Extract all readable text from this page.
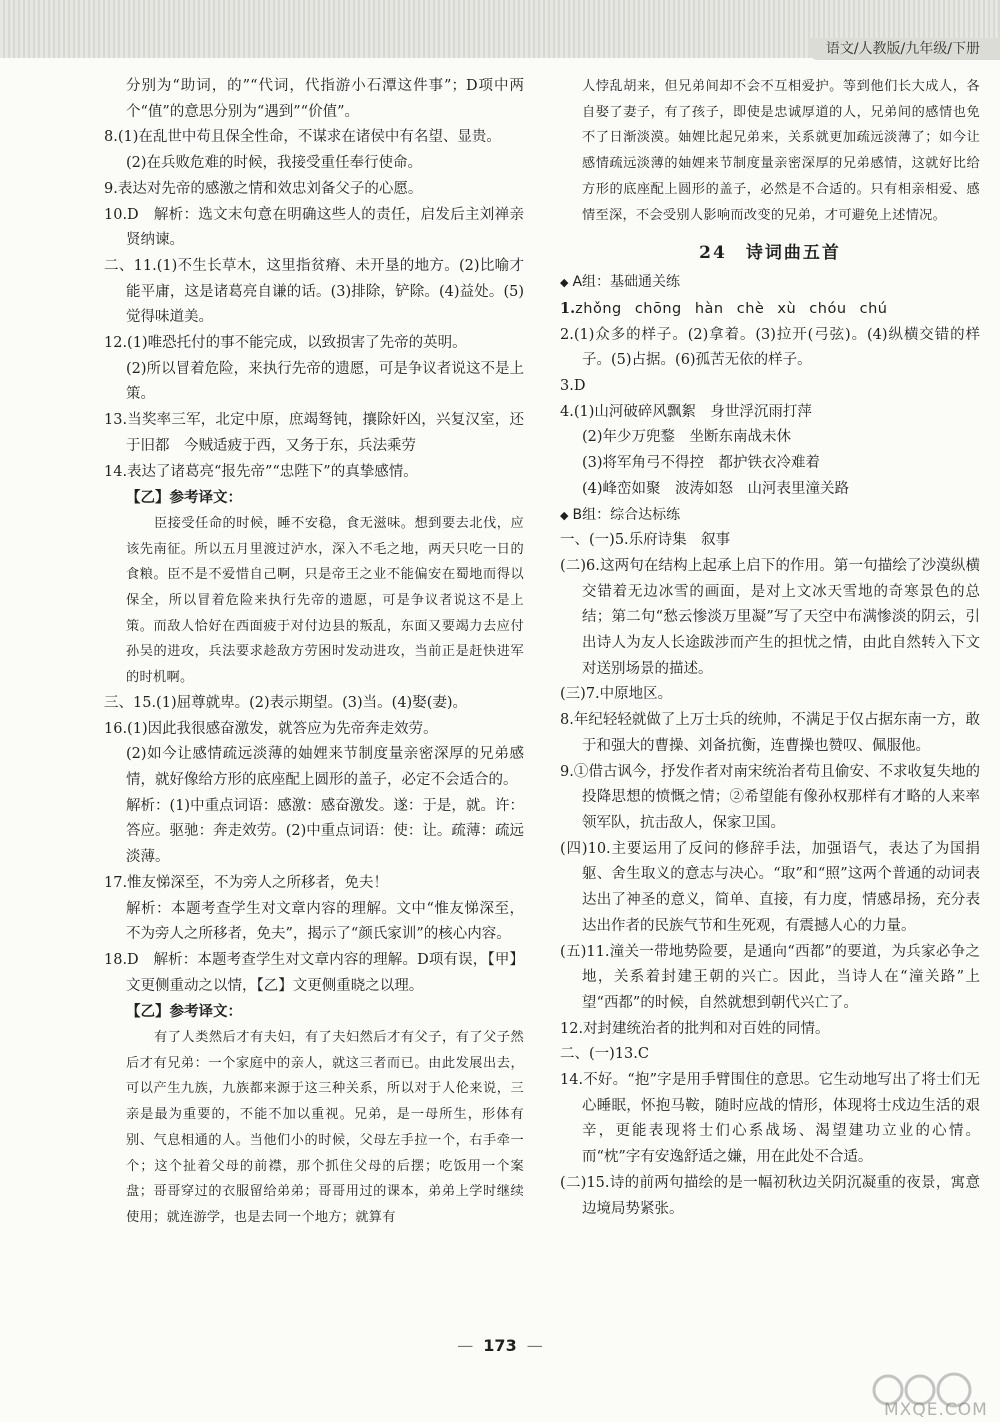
语文/人教版/九年级/下册

分别为“助词，的”“代词，代指游小石潭这件事”；D项中两个“值”的意思分别为“遇到”“价值”。

8.(1)在乱世中苟且保全性命，不谋求在诸侯中有名望、显贵。

(2)在兵败危难的时候，我接受重任奉行使命。

9.表达对先帝的感激之情和效忠刘备父子的心愿。

10.D　解析：选文末句意在明确这些人的责任，启发后主刘禅亲贤纳谏。

二、11.(1)不生长草木，这里指贫瘠、未开垦的地方。(2)比喻才能平庸，这是诸葛亮自谦的话。(3)排除，铲除。(4)益处。(5)觉得味道美。

12.(1)唯恐托付的事不能完成，以致损害了先帝的英明。

(2)所以冒着危险，来执行先帝的遗愿，可是争议者说这不是上策。

13.当奖率三军，北定中原，庶竭驽钝，攘除奸凶，兴复汉室，还于旧都　今贼适疲于西，又务于东，兵法乘劳

14.表达了诸葛亮“报先帝”“忠陛下”的真挚感情。

【乙】参考译文：

臣接受任命的时候，睡不安稳，食无滋味。想到要去北伐，应该先南征。所以五月里渡过泸水，深入不毛之地，两天只吃一日的食粮。臣不是不爱惜自己啊，只是帝王之业不能偏安在蜀地而得以保全，所以冒着危险来执行先帝的遗愿，可是争议者说这不是上策。而敌人恰好在西面疲于对付边县的叛乱，东面又要竭力去应付孙吴的进攻，兵法要求趁敌方劳困时发动进攻，当前正是赶快进军的时机啊。

三、15.(1)屈尊就卑。(2)表示期望。(3)当。(4)娶(妻)。

16.(1)因此我很感奋激发，就答应为先帝奔走效劳。

(2)如今让感情疏远淡薄的妯娌来节制度量亲密深厚的兄弟感情，就好像给方形的底座配上圆形的盖子，必定不会适合的。

解析：(1)中重点词语：感激：感奋激发。遂：于是，就。许：答应。驱驰：奔走效劳。(2)中重点词语：使：让。疏薄：疏远淡薄。

17.惟友悌深至，不为旁人之所移者，免夫！

解析：本题考查学生对文章内容的理解。文中“惟友悌深至，不为旁人之所移者，免夫”，揭示了“颜氏家训”的核心内容。

18.D　解析：本题考查学生对文章内容的理解。D项有误，【甲】文更侧重动之以情，【乙】文更侧重晓之以理。

【乙】参考译文：

有了人类然后才有夫妇，有了夫妇然后才有父子，有了父子然后才有兄弟：一个家庭中的亲人，就这三者而已。由此发展出去，可以产生九族，九族都来源于这三种关系，所以对于人伦来说，三亲是最为重要的，不能不加以重视。兄弟，是一母所生，形体有别、气息相通的人。当他们小的时候，父母左手拉一个，右手牵一个；这个扯着父母的前襟，那个抓住父母的后摆；吃饭用一个案盘；哥哥穿过的衣服留给弟弟；哥哥用过的课本，弟弟上学时继续使用；就连游学，也是去同一个地方；就算有

人悖乱胡来，但兄弟间却不会不互相爱护。等到他们长大成人，各自娶了妻子，有了孩子，即使是忠诚厚道的人，兄弟间的感情也免不了日渐淡漠。妯娌比起兄弟来，关系就更加疏远淡薄了；如今让感情疏远淡薄的妯娌来节制度量亲密深厚的兄弟感情，这就好比给方形的底座配上圆形的盖子，必然是不合适的。只有相亲相爱、感情至深，不会受别人影响而改变的兄弟，才可避免上述情况。

24　诗词曲五首

◆ A组：基础通关练

1.zhǒng chōng hàn chè xù chóu chú

2.(1)众多的样子。(2)拿着。(3)拉开(弓弦)。(4)纵横交错的样子。(5)占据。(6)孤苦无依的样子。

3.D

4.(1)山河破碎风飘絮　身世浮沉雨打萍

(2)年少万兜鍪　坐断东南战未休

(3)将军角弓不得控　都护铁衣冷难着

(4)峰峦如聚　波涛如怒　山河表里潼关路

◆ B组：综合达标练

一、(一)5.乐府诗集　叙事

(二)6.这两句在结构上起承上启下的作用。第一句描绘了沙漠纵横交错着无边冰雪的画面，是对上文冰天雪地的奇寒景色的总结；第二句“愁云惨淡万里凝”写了天空中布满惨淡的阴云，引出诗人为友人长途跋涉而产生的担忧之情，由此自然转入下文对送别场景的描述。

(三)7.中原地区。

8.年纪轻轻就做了上万士兵的统帅，不满足于仅占据东南一方，敢于和强大的曹操、刘备抗衡，连曹操也赞叹、佩服他。

9.①借古讽今，抒发作者对南宋统治者苟且偷安、不求收复失地的投降思想的愤慨之情；②希望能有像孙权那样有才略的人来率领军队，抗击敌人，保家卫国。

(四)10.主要运用了反问的修辞手法，加强语气，表达了为国捐躯、舍生取义的意志与决心。“取”和“照”这两个普通的动词表达出了神圣的意义，简单、直接，有力度，情感昂扬，充分表达出作者的民族气节和生死观，有震撼人心的力量。

(五)11.潼关一带地势险要，是通向“西都”的要道，为兵家必争之地，关系着封建王朝的兴亡。因此，当诗人在“潼关路”上望“西都”的时候，自然就想到朝代兴亡了。

12.对封建统治者的批判和对百姓的同情。

二、(一)13.C

14.不好。“抱”字是用手臂围住的意思。它生动地写出了将士们无心睡眠，怀抱马鞍，随时应战的情形，体现将士戍边生活的艰辛，更能表现将士们心系战场、渴望建功立业的心情。而“枕”字有安逸舒适之嫌，用在此处不合适。

(二)15.诗的前两句描绘的是一幅初秋边关阴沉凝重的夜景，寓意边境局势紧张。

— 173 —
MXQE.COM
